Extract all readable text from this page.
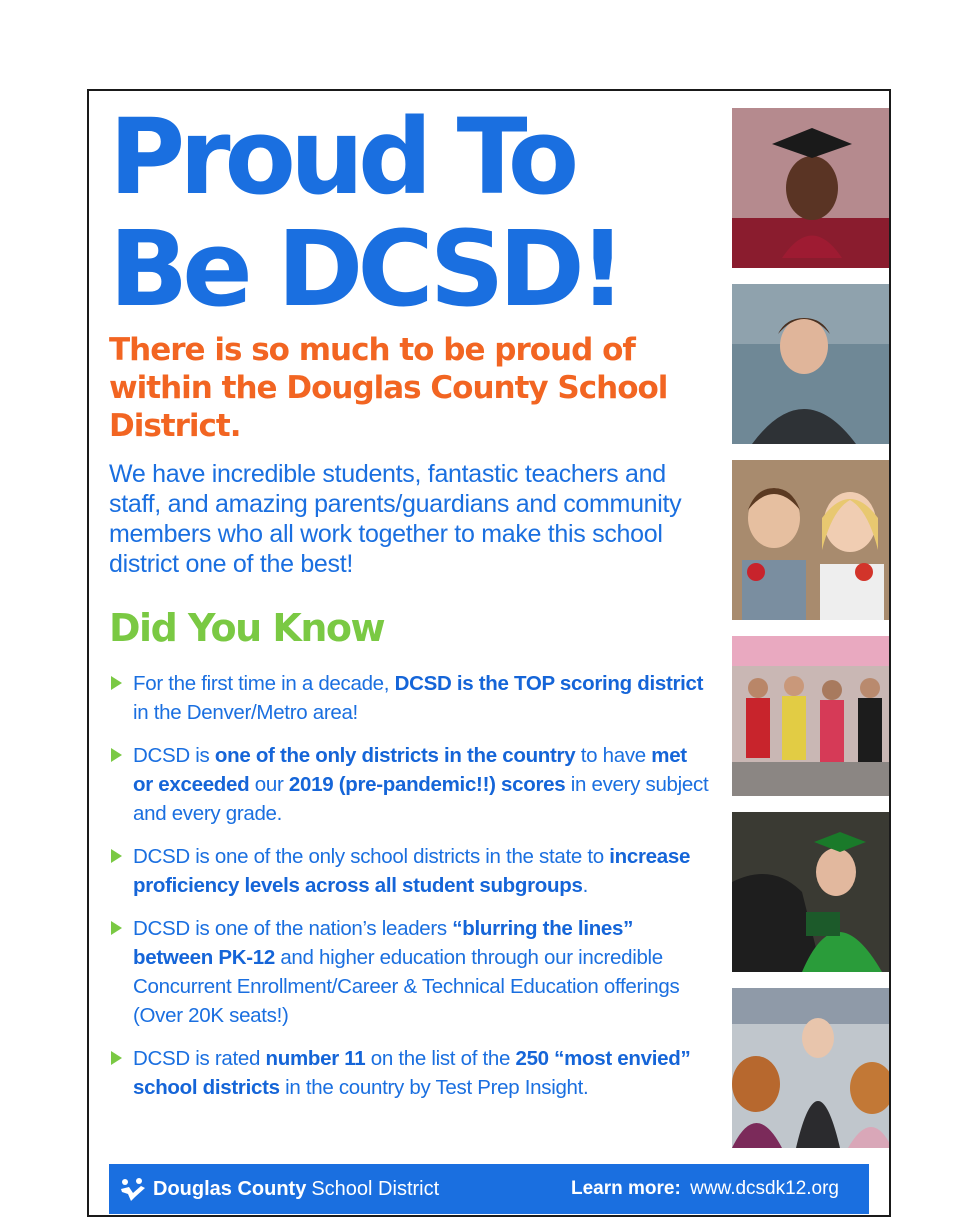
Proud To
Be DCSD!

There is so much to be proud of within the Douglas County School District.

We have incredible students, fantastic teachers and staff, and amazing parents/guardians and community members who all work together to make this school district one of the best!

Did You Know
For the first time in a decade, DCSD is the TOP scoring district in the Denver/Metro area!
DCSD is one of the only districts in the country to have met or exceeded our 2019 (pre-pandemic!!) scores in every subject and every grade.
DCSD is one of the only school districts in the state to increase proficiency levels across all student subgroups.
DCSD is one of the nation’s leaders “blurring the lines” between PK-12 and higher education through our incredible Concurrent Enrollment/Career & Technical Education offerings (Over 20K seats!)
DCSD is rated number 11 on the list of the 250 “most envied” school districts in the country by Test Prep Insight.
Douglas County School District	Learn more: www.dcsdk12.org
